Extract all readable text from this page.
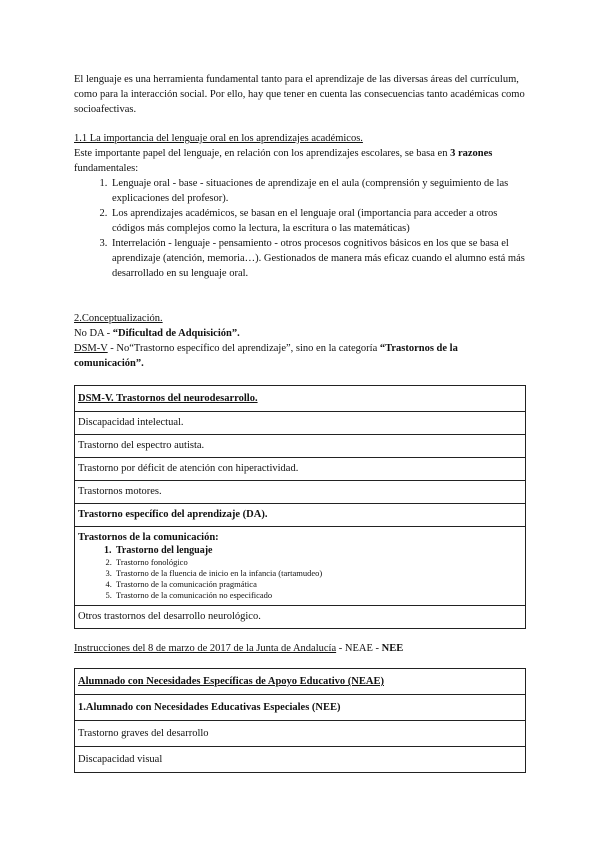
El lenguaje es una herramienta fundamental tanto para el aprendizaje de las diversas áreas del currículum, como para la interacción social. Por ello, hay que tener en cuenta las consecuencias tanto académicas como socioafectivas.

1.1 La importancia del lenguaje oral en los aprendizajes académicos.

Este importante papel del lenguaje, en relación con los aprendizajes escolares, se basa en 3 razones fundamentales:

1. Lenguaje oral - base - situaciones de aprendizaje en el aula (comprensión y seguimiento de las explicaciones del profesor).
2. Los aprendizajes académicos, se basan en el lenguaje oral (importancia para acceder a otros códigos más complejos como la lectura, la escritura o las matemáticas)
3. Interrelación - lenguaje - pensamiento - otros procesos cognitivos básicos en los que se basa el aprendizaje (atención, memoria…). Gestionados de manera más eficaz cuando el alumno está más desarrollado en su lenguaje oral.

2.Conceptualización.

No DA - “Dificultad de Adquisición”.

DSM-V - No“Trastorno específico del aprendizaje”, sino en la categoría “Trastornos de la comunicación”.

DSM-V. Trastornos del neurodesarrollo.
Discapacidad intelectual.
Trastorno del espectro autista.
Trastorno por déficit de atención con hiperactividad.
Trastornos motores.
Trastorno específico del aprendizaje (DA).

Trastornos de la comunicación:
1. Trastorno del lenguaje
2. Trastorno fonológico
3. Trastorno de la fluencia de inicio en la infancia (tartamudeo)
4. Trastorno de la comunicación pragmática
5. Trastorno de la comunicación no especificado

Otros trastornos del desarrollo neurológico.

Instrucciones del 8 de marzo de 2017 de la Junta de Andalucía - NEAE - NEE

Alumnado con Necesidades Específicas de Apoyo Educativo (NEAE)
1.Alumnado con Necesidades Educativas Especiales (NEE)
Trastorno graves del desarrollo
Discapacidad visual
